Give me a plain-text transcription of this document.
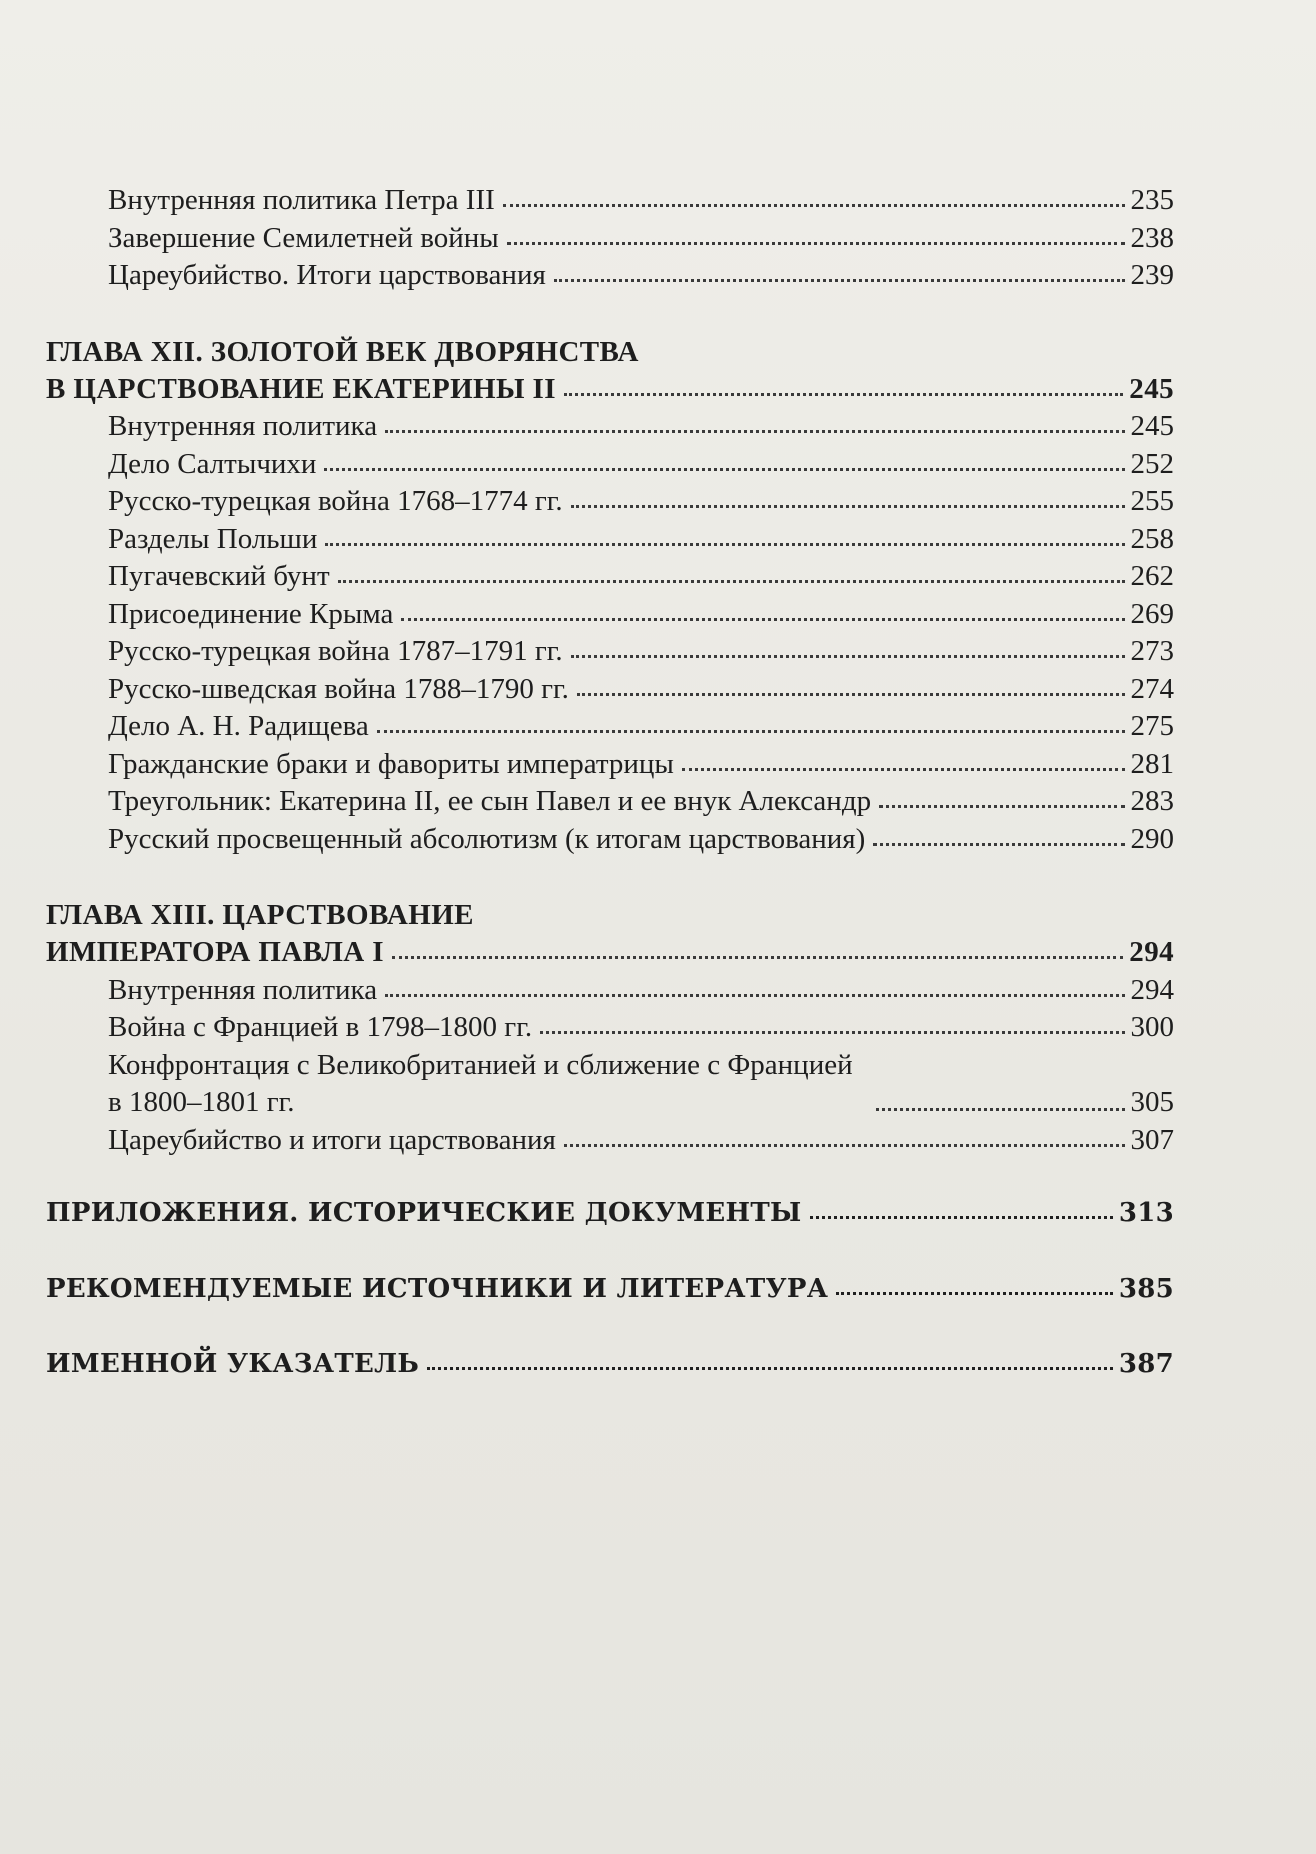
Внутренняя политика Петра III	235
Завершение Семилетней войны	238
Цареубийство. Итоги царствования	239
ГЛАВА XII. ЗОЛОТОЙ ВЕК ДВОРЯНСТВА
В ЦАРСТВОВАНИЕ ЕКАТЕРИНЫ II	245
Внутренняя политика	245
Дело Салтычихи	252
Русско-турецкая война 1768–1774 гг.	255
Разделы Польши	258
Пугачевский бунт	262
Присоединение Крыма	269
Русско-турецкая война 1787–1791 гг.	273
Русско-шведская война 1788–1790 гг.	274
Дело А. Н. Радищева	275
Гражданские браки и фавориты императрицы	281
Треугольник: Екатерина II, ее сын Павел и ее внук Александр	283
Русский просвещенный абсолютизм (к итогам царствования)	290
ГЛАВА XIII. ЦАРСТВОВАНИЕ
ИМПЕРАТОРА ПАВЛА I	294
Внутренняя политика	294
Война с Францией в 1798–1800 гг.	300
Конфронтация с Великобританией и сближение с Францией в 1800–1801 гг.	305
Цареубийство и итоги царствования	307
ПРИЛОЖЕНИЯ. ИСТОРИЧЕСКИЕ ДОКУМЕНТЫ	313
РЕКОМЕНДУЕМЫЕ ИСТОЧНИКИ И ЛИТЕРАТУРА	385
ИМЕННОЙ УКАЗАТЕЛЬ	387
